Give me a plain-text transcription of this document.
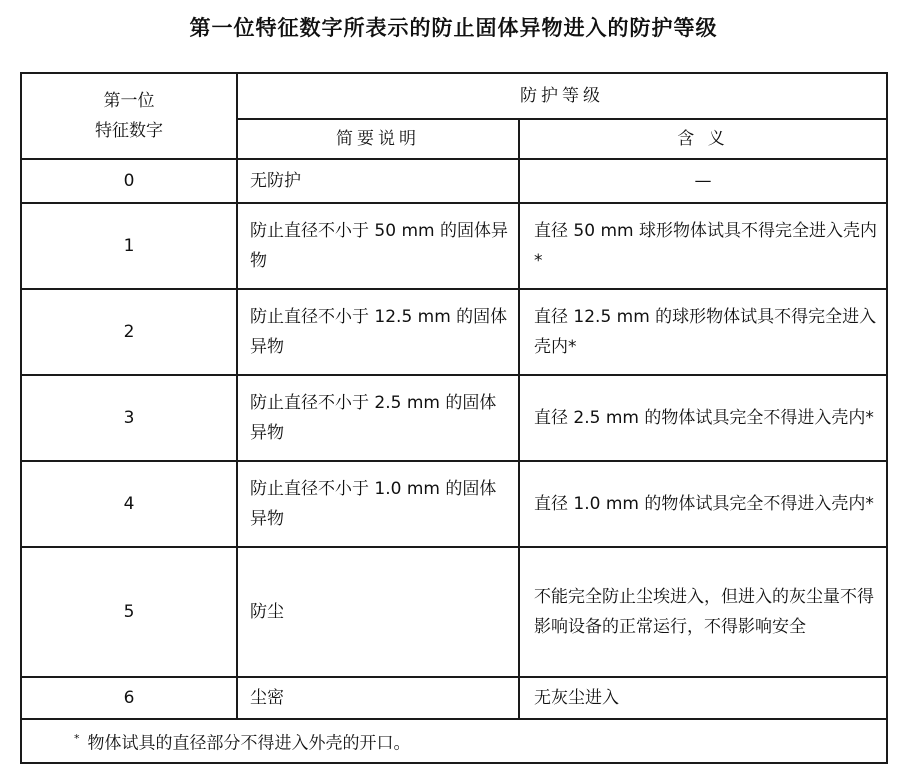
第一位特征数字所表示的防止固体异物进入的防护等级
第一位
特征数字	防护等级	
	简要说明	含 义
0	无防护	—
1	防止直径不小于 50 mm 的固体异物	直径 50 mm 球形物体试具不得完全进入壳内*
2	防止直径不小于 12.5 mm 的固体异物	直径 12.5 mm 的球形物体试具不得完全进入壳内*
3	防止直径不小于 2.5 mm 的固体异物	直径 2.5 mm 的物体试具完全不得进入壳内*
4	防止直径不小于 1.0 mm 的固体异物	直径 1.0 mm 的物体试具完全不得进入壳内*
5	防尘	不能完全防止尘埃进入，但进入的灰尘量不得影响设备的正常运行，不得影响安全
6	尘密	无灰尘进入
* 物体试具的直径部分不得进入外壳的开口。		
